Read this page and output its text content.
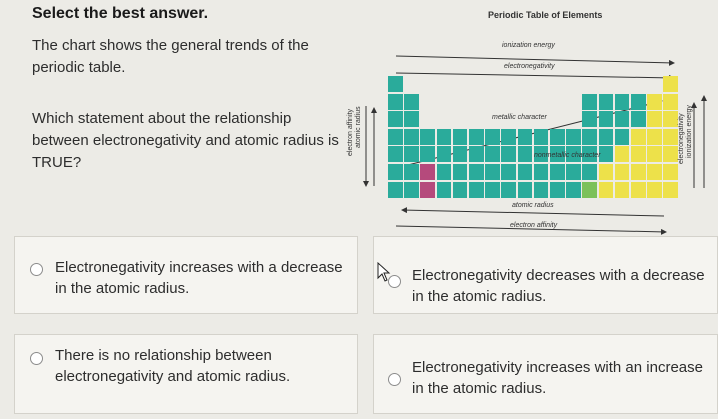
Select the best answer.
The chart shows the general trends of the periodic table.
Which statement about the relationship between electronegativity and atomic radius is TRUE?
Periodic Table of Elements
ionization energy
electronegativity
metallic character
nonmetallic character
atomic radius
electron affinity
electron affinity atomic radius	electronegativity ionization energy
Electronegativity increases with a decrease in the atomic radius.
Electronegativity decreases with a decrease in the atomic radius.
There is no relationship between electronegativity and atomic radius.
Electronegativity increases with an increase in the atomic radius.
